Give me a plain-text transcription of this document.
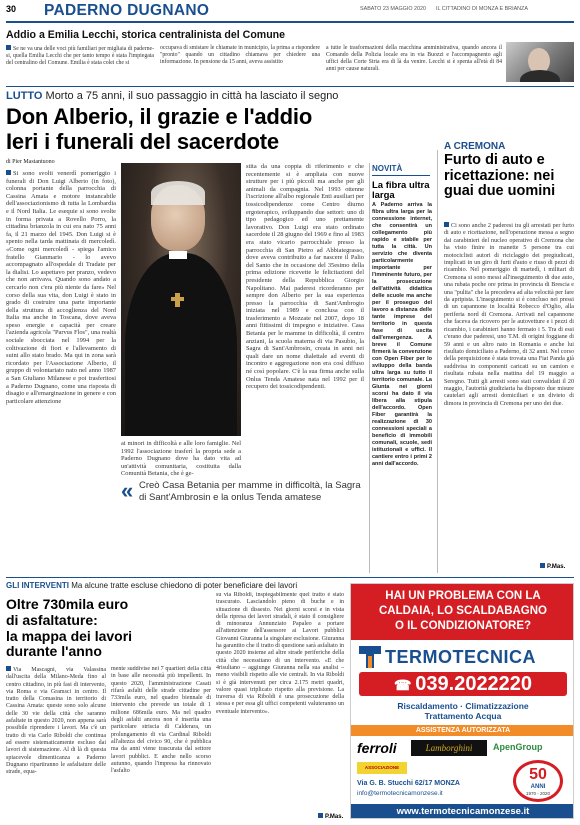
30 PADERNO DUGNANO	SABATO 23 MAGGIO 2020 IL CITTADINO DI MONZA E BRIANZA
Addio a Emilia Lecchi, storica centralinista del Comune
Se ne va una delle voci più familiari per migliaia di padernesi, quella Emilia Lecchi che per tanto tempo è stata l'impiegata del centralino del Comune. Emilia è stata colei che si
occupava di smistare le chiamate in municipio, la prima a rispondere "pronto" quando un cittadino chiamava per chiedere una informazione. In pensione da 15 anni, aveva assistito
a tutte le trasformazioni della macchina amministrativa, quando ancora il Comando della Polizia locale era in via Buozzi e l'accompagnento agli uffici della Corte Stria era di là da venire. Lecchi si è spenta all'età di 84 anni per cause naturali.
LUTTO Morto a 75 anni, il suo passaggio in città ha lasciato il segno
Don Alberio, il grazie e l'addio
Ieri i funerali del sacerdote
di Pier Mastantuono
Si sono svolti venerdì pomeriggio i funerali di Don Luigi Alberio (in foto), colonna portante della parrocchia di Cassina Amata e motore instancabile dell'associazionismo di tutta la Lombardia e il Nord Italia. Le esequie si sono svolte in forma privata a Rovello Porro, la cittadina brianzola in cui era nato 75 anni fa, il 21 marzo del 1945. Don Luigi si è spento nella tarda mattinata di mercoledì. «Come ogni mercoledì - spiega l'amico fratello Gianmario - lo avevo accompagnato all'ospedale di Tradate per la dialisi. Lo aspettavo per pranzo, vedevo che non arrivava. Quando sono andato a cercarlo non c'era più niente da fare» Nel corso della sua vita, don Luigi è stato in grado di costruire una parte importante della struttura di accoglienza del Nord Italia ma anche in Toscana, dove aveva speso energie e capacità per creare l'azienda agricola "Parvus Flos", una realtà sociale sbocciata nel 1994 per la coltivazione di fiori e l'allevamento di suini allo stato brado. Ma qui in zona sarà ricordato per l'Associazione Alberio, il gruppo di volontariato nato nel anno 1987 a San Giuliano Milanese e poi trasferitosi a Paderno Dugnano, come una risposta di disagio e all'emarginazione in genere e con particolare attenzione
ai minori in difficoltà e alle loro famiglie. Nel 1992 l'associazione trasferì la propria sede a Paderno Dugnano dove ha dato vita ad un'attività comunitaria, costituita dalla Comunità Betania, che è ge-
« Creò Casa Betania per mamme in difficoltà, la Sagra di Sant'Ambrosin e la onlus Tenda amatese
stita da una coppia di riferimento e che recentemente si è ampliata con nuove strutture per i più piccoli ma anche per gli animali da compagnia. Nel 1993 ottenne l'iscrizione all'albo regionale Enti ausiliari per tossicodipendenze come Centro diurno ergoterapico, sviluppando due settori: uno di tipo pedagogico ed uno prettamente lavorativo. Don Luigi era stato ordinato sacerdote il 28 giugno del 1969 e fino al 1983 era stato vicario parrocchiale presso la parrocchia di San Pietro ad Abbiategrasso, dove aveva contribuito a far nascere il Palio del Santo che in occasione del 35esimo della prima edizione ricevette le felicitazioni del presidente della Repubblica Giorgio Napolitano. Mai paderesi ricorderanno per sempre don Alberio per la sua esperienza presso la parrocchia di Sant'Ambrogio iniziata nel 1989 e conclusa con il trasferimento a Mozzate nel 2007, dopo 18 anni fittissimi di impegno e iniziative. Casa Betania per le mamme in difficoltà, il centro anziani, la scuola materna di via Pasubio, la Sagra di Sant'Ambrosin, creata in anni nei quali dare un nome dialettale ad eventi di incontro e aggregazione non era così diffuso né così popolare. C'è la sua firma anche sulla Onlus Tenda Amatese nata nel 1992 per il recupero dei tossicodipendenti.
NOVITÀ
La fibra ultra larga
A Paderno arriva la fibra ultra larga per la connessione internet, che consentirà un collegamento più rapido e stabile per tutta la città. Un servizio che diventa particolarmente importante per l'imminente futuro, per la prosecuzione dell'attività didattica delle scuole ma anche per il proseguo del lavoro a distanza delle tante imprese del territorio in questa fase di uscita dall'emergenza. A breve il Comune firmerà la convenzione con Open Fiber per lo sviluppo della banda ultra larga su tutto il territorio comunale. La Giunta nei giorni scorsi ha dato il via libera alla stipula dell'accordo. Open Fiber garantirà la realizzazione di 30 connessioni speciali a beneficio di immobili comunali, scuole, sedi istituzionali e uffici. Il cantiere entro i primi 2 anni dall'accordo.
A CREMONA
Furto di auto e ricettazione: nei guai due uomini
Ci sono anche 2 paderesi tra gli arrestati per furto di auto e ricettazione, nell'operazione messa a segno dai carabinieri del nucleo operativo di Cremona che ha visto finire in manette 5 persone tra cui motociclisti autori di riciclaggio dei pregiudicati, implicati in un giro di furti d'auto e riuso di pezzi di ricambio. Nel pomeriggio di martedì, i militari di Cremona si sono messi all'inseguimento di due auto, una rubata poche ore prima in provincia di Brescia e una "pulita" che la precedeva ad alta velocità per fare da apripista. L'inseguimento si è concluso nei pressi di un capannone in località Robecco d'Oglio, alla periferia nord di Cremona. Arrivati nel capannone che faceva da ricovero per le autovetture e i pezzi di ricambio, i carabinieri hanno fermato i 5. Tra di essi c'erano due paderesi, uno T.M. di origini foggiane di 59 anni e un altro nato in Romania e anche lui risultato domiciliato a Paderno, di 32 anni. Nel corso della perquisizione è stata trovata una Fiat Panda già suddivisa in componenti caricati su un camion e risultata rubata nella mattina del 19 maggio a Seregno. Tutti gli arresti sono stati convalidati il 20 maggio, l'autorità giudiziaria ha disposto due misure cautelari agli arresti domiciliari e un divieto di dimora in provincia di Cremona per uno dei due.
P.Mas.
GLI INTERVENTI Ma alcune tratte escluse chiedono di poter beneficiare dei lavori
Oltre 730mila euro
di asfaltature:
la mappa dei lavori
durante l'anno
Via Mascagni, via Valassina dall'uscita della Milano-Meda fino al centro cittadino, in più fasi di intervento, via Roma e via Gramsci in centro. Il tratto della Comasina in territorio di Cassina Amata: queste sono solo alcune delle 30 vie della città che saranno asfaltate in questo 2020, non appena sarà possibile riprendere i lavori. Ma c'è un tratto di via Carlo Riboldi che continua ad essere sistematicamente escluso dai lavori di sistemazione. Al di là di questa spiacevole dimenticanza a Paderno Dugnano ripartiranno le asfaltature delle strade, equa-
mente suddivise nei 7 quartieri della città in base alle necessità più impellenti. In questo 2020, l'amministrazione Casati rifarà asfalti delle strade cittadine per 733mila euro, nel quadro biennale di intervento che prevede un totale di 1 milione 686mila euro. Ma nel quadro degli asfalti ancora non è inserita una particolare striscia di Calderara, un prolungamento di via Cardinal Riboldi all'altezza del civico 90, che è pubblica ma da anni viene trascurata dal settore lavori pubblici. E anche nello scorso autunno, quando l'impresa ha rinnovato l'asfalto
su via Riboldi, inspiegabilmente quel tratto è stato trascurato. Lasciandolo pieno di buche e in situazione di dissesto. Nei giorni scorsi e in vista della ripresa dei lavori stradali, è stato il consigliere di minoranza Annunziato Papaleo a portare all'attenzione dell'assessore ai Lavori pubblici Giovanni Giuranna la singolare esclusione. Giuranna ha garantito che il tratto di questione sarà asfaltato in questo 2020 insieme ad altre strade periferiche della città che necessitano di un intervento. «E che 4risultano – aggiunge Giuranna nella sua analisi – meno visibili rispetto alle vie centrali. In via Riboldi si è già intervenuti per circa 2.175 metri quadri, valore quasi triplicato rispetto alla previsione. La traversa di via Riboldi è una prosecuzione della stessa e per essa gli uffici competenti valuteranno un eventuale intervento».
P.Mas.
HAI UN PROBLEMA CON LA
CALDAIA, LO SCALDABAGNO
O IL CONDIZIONATORE?
TERMOTECNICA
☎ 039.2022220
Riscaldamento · Climatizzazione
Trattamento Acqua
ASSISTENZA AUTORIZZATA
ferroli	Lamborghini	ApenGroup
ASSOCIAZIONE
Via G. B. Stucchi 62/17 MONZA
info@termotecnicamonzese.it
50
ANNI
1970 - 2020
www.termotecnicamonzese.it
